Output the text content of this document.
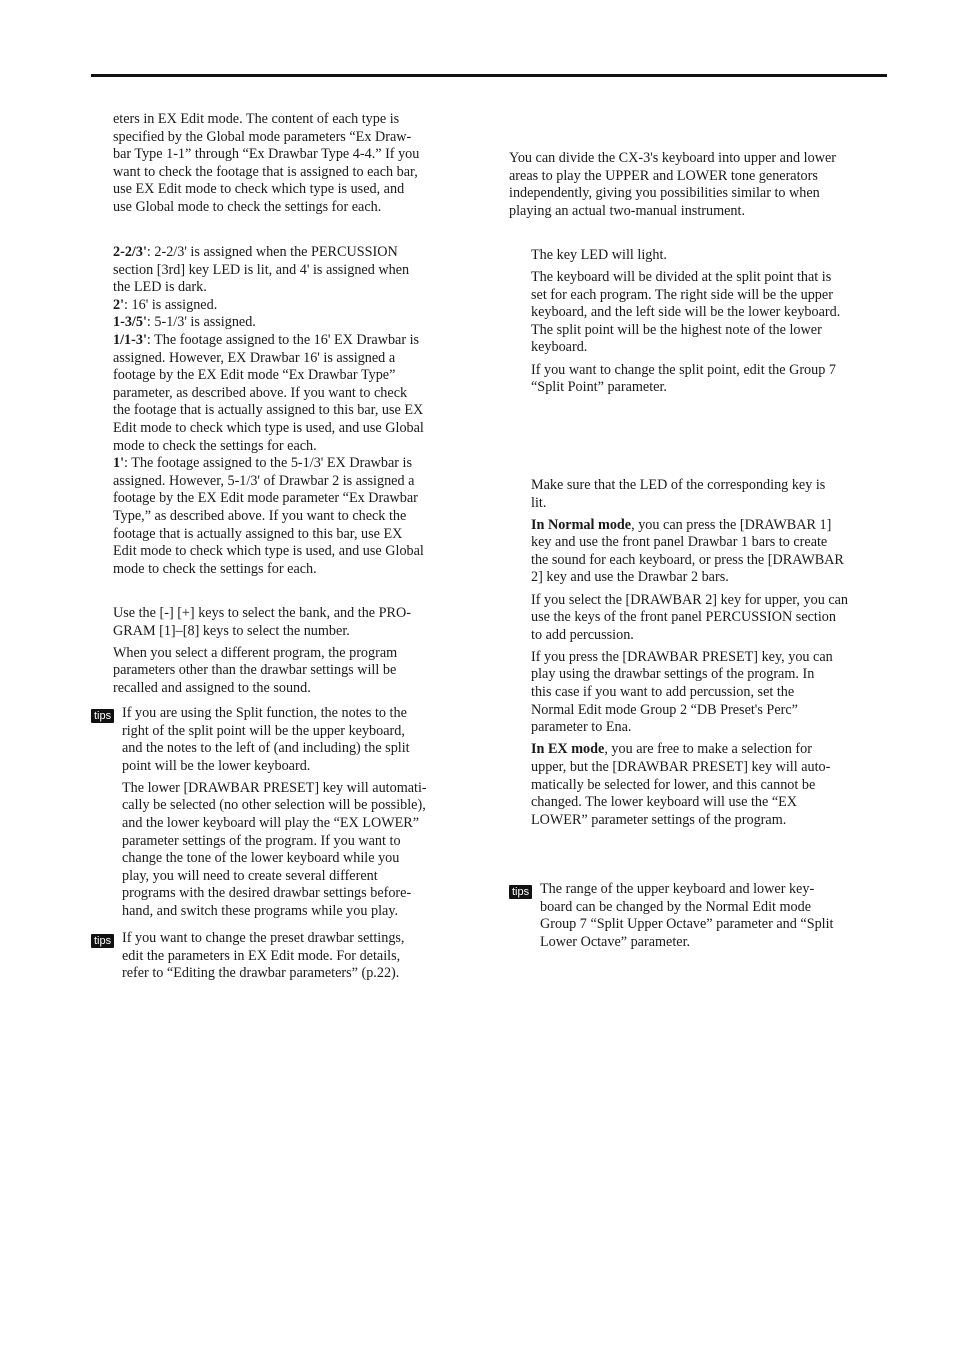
eters in EX Edit mode. The content of each type is

specified by the Global mode parameters “Ex Draw-

bar Type 1-1” through “Ex Drawbar Type 4-4.” If you

want to check the footage that is assigned to each bar,

use EX Edit mode to check which type is used, and

use Global mode to check the settings for each.

2-2/3': 2-2/3' is assigned when the PERCUSSION

section [3rd] key LED is lit, and 4' is assigned when

the LED is dark.

2': 16' is assigned.

1-3/5': 5-1/3' is assigned.

1/1-3': The footage assigned to the 16' EX Drawbar is

assigned. However, EX Drawbar 16' is assigned a

footage by the EX Edit mode “Ex Drawbar Type”

parameter, as described above. If you want to check

the footage that is actually assigned to this bar, use EX

Edit mode to check which type is used, and use Global

mode to check the settings for each.

1': The footage assigned to the 5-1/3' EX Drawbar is

assigned. However, 5-1/3' of Drawbar 2 is assigned a

footage by the EX Edit mode parameter “Ex Drawbar

Type,” as described above. If you want to check the

footage that is actually assigned to this bar, use EX

Edit mode to check which type is used, and use Global

mode to check the settings for each.

Use the [-] [+] keys to select the bank, and the PRO-

GRAM [1]–[8] keys to select the number.

When you select a different program, the program

parameters other than the drawbar settings will be

recalled and assigned to the sound.

tips If you are using the Split function, the notes to the

right of the split point will be the upper keyboard,

and the notes to the left of (and including) the split

point will be the lower keyboard.

The lower [DRAWBAR PRESET] key will automati-

cally be selected (no other selection will be possible),

and the lower keyboard will play the “EX LOWER”

parameter settings of the program. If you want to

change the tone of the lower keyboard while you

play, you will need to create several different

programs with the desired drawbar settings before-

hand, and switch these programs while you play.

tips If you want to change the preset drawbar settings,

edit the parameters in EX Edit mode. For details,

refer to “Editing the drawbar parameters” (p.22).

You can divide the CX-3's keyboard into upper and lower

areas to play the UPPER and LOWER tone generators

independently, giving you possibilities similar to when

playing an actual two-manual instrument.

The key LED will light.

The keyboard will be divided at the split point that is

set for each program. The right side will be the upper

keyboard, and the left side will be the lower keyboard.

The split point will be the highest note of the lower

keyboard.

If you want to change the split point, edit the Group 7

“Split Point” parameter.

Make sure that the LED of the corresponding key is

lit.

In Normal mode, you can press the [DRAWBAR 1]

key and use the front panel Drawbar 1 bars to create

the sound for each keyboard, or press the [DRAWBAR

2] key and use the Drawbar 2 bars.

If you select the [DRAWBAR 2] key for upper, you can

use the keys of the front panel PERCUSSION section

to add percussion.

If you press the [DRAWBAR PRESET] key, you can

play using the drawbar settings of the program. In

this case if you want to add percussion, set the

Normal Edit mode Group 2 “DB Preset's Perc”

parameter to Ena.

In EX mode, you are free to make a selection for

upper, but the [DRAWBAR PRESET] key will auto-

matically be selected for lower, and this cannot be

changed. The lower keyboard will use the “EX

LOWER” parameter settings of the program.

tips The range of the upper keyboard and lower key-

board can be changed by the Normal Edit mode

Group 7 “Split Upper Octave” parameter and “Split

Lower Octave” parameter.
